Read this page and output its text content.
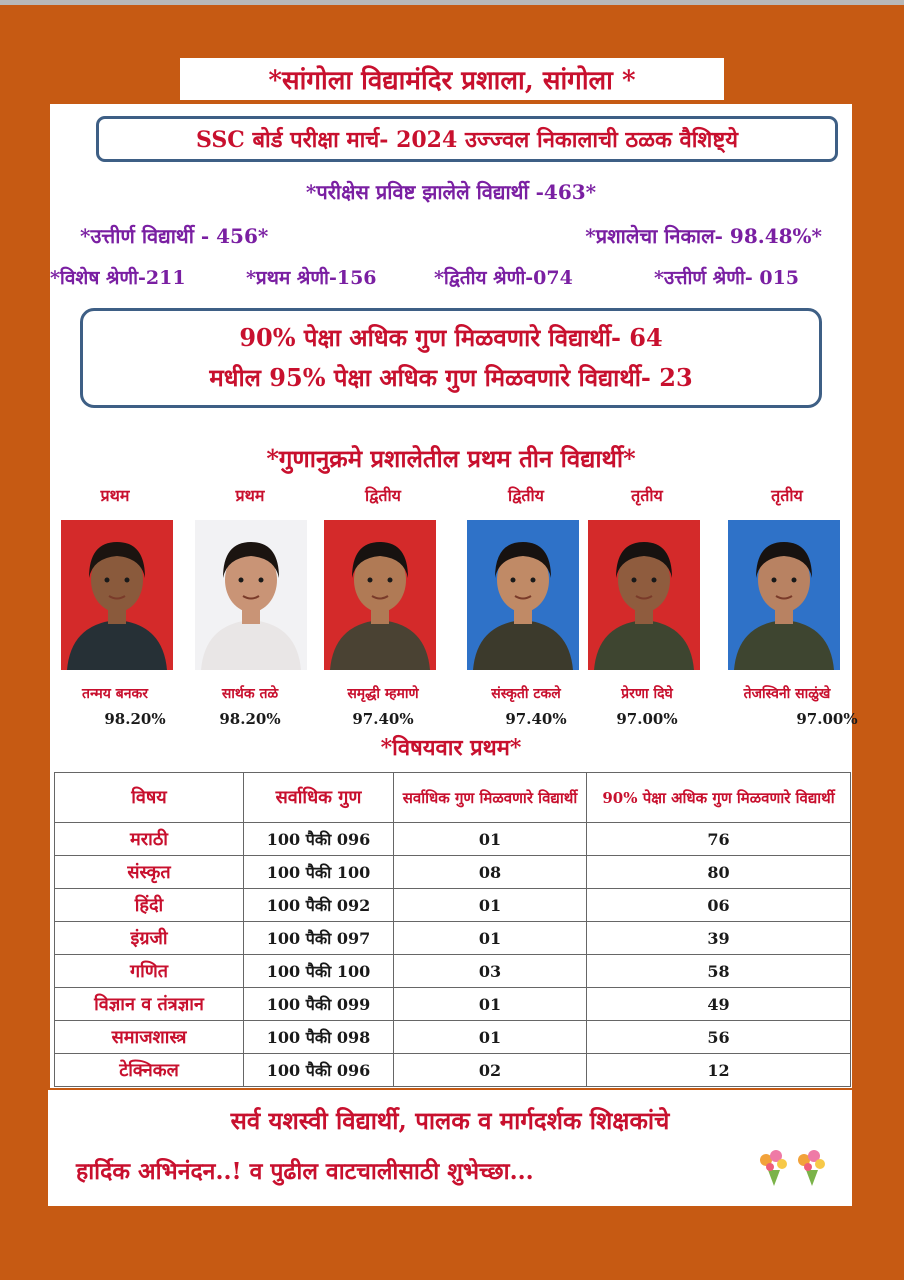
*सांगोला विद्यामंदिर प्रशाला, सांगोला *
SSC बोर्ड परीक्षा मार्च- 2024 उज्ज्वल निकालाची ठळक वैशिष्ट्ये
*परीक्षेस प्रविष्ट झालेले विद्यार्थी -463*
*उत्तीर्ण विद्यार्थी - 456*	*प्रशालेचा निकाल- 98.48%*
*विशेष श्रेणी-211	*प्रथम श्रेणी-156	*द्वितीय श्रेणी-074	*उत्तीर्ण श्रेणी- 015
90% पेक्षा अधिक गुण मिळवणारे विद्यार्थी- 64
मधील 95% पेक्षा अधिक गुण मिळवणारे विद्यार्थी- 23
*गुणानुक्रमे प्रशालेतील प्रथम तीन विद्यार्थी*
प्रथम
तन्मय बनकर
98.20%
प्रथम
सार्थक तळे
98.20%
द्वितीय
समृद्धी म्हमाणे
97.40%
द्वितीय
संस्कृती टकले
97.40%
तृतीय
प्रेरणा दिघे
97.00%
तृतीय
तेजस्विनी साळुंखे
97.00%
*विषयवार प्रथम*
विषय	सर्वाधिक गुण	सर्वाधिक गुण मिळवणारे विद्यार्थी	90% पेक्षा अधिक गुण मिळवणारे विद्यार्थी
मराठी	100 पैकी 096	01	76
संस्कृत	100 पैकी 100	08	80
हिंदी	100 पैकी 092	01	06
इंग्रजी	100 पैकी 097	01	39
गणित	100 पैकी 100	03	58
विज्ञान व तंत्रज्ञान	100 पैकी 099	01	49
समाजशास्त्र	100 पैकी 098	01	56
टेक्निकल	100 पैकी 096	02	12
सर्व यशस्वी विद्यार्थी, पालक व मार्गदर्शक शिक्षकांचे
हार्दिक अभिनंदन..! व पुढील वाटचालीसाठी शुभेच्छा...
